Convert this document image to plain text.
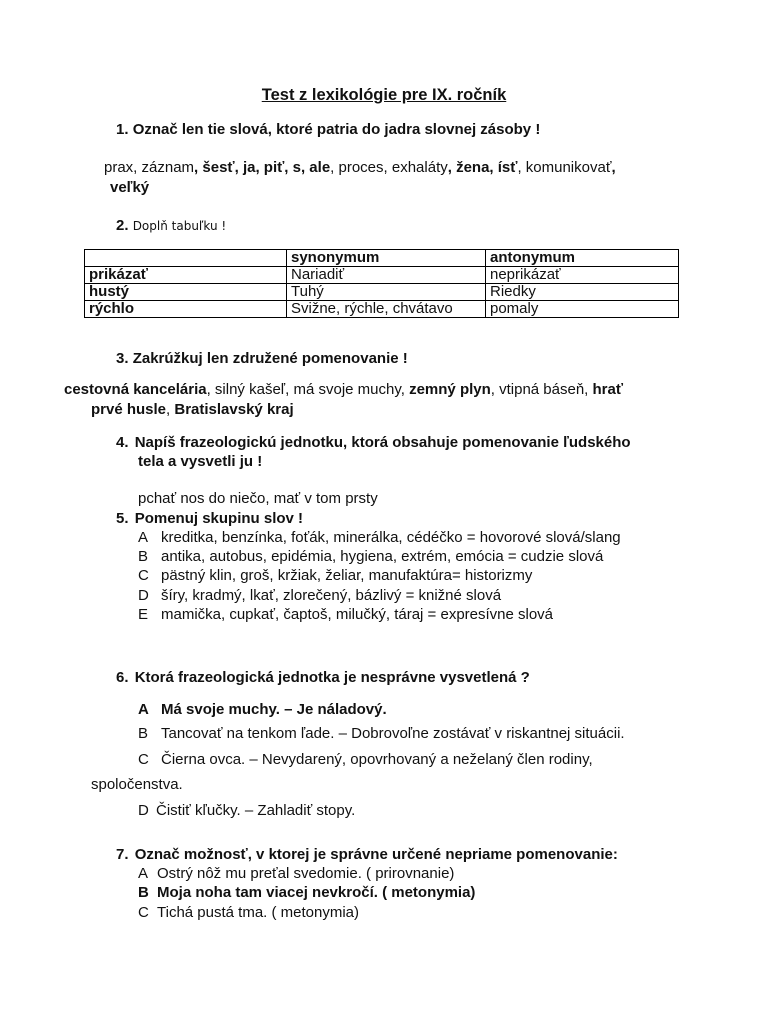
Test z lexikológie pre IX. ročník
1. Označ len tie slová, ktoré patria do jadra slovnej zásoby !
prax, záznam, šesť, ja, piť, s, ale, proces, exhaláty, žena, ísť, komunikovať,
veľký
2. Doplň tabuľku !
	synonymum	antonymum
prikázať	Nariadiť	neprikázať
hustý	Tuhý	Riedky
rýchlo	Svižne, rýchle, chvátavo	pomaly
3. Zakrúžkuj len združené pomenovanie !
cestovná kancelária, silný kašeľ, má svoje muchy, zemný plyn, vtipná báseň, hrať
prvé husle, Bratislavský kraj
4. Napíš frazeologickú jednotku, ktorá obsahuje pomenovanie ľudského
tela a vysvetli ju !
pchať nos do niečo, mať v tom prsty
5. Pomenuj skupinu slov !
A kreditka, benzínka, foťák, minerálka, cédéčko = hovorové slová/slang
B antika, autobus, epidémia, hygiena, extrém, emócia = cudzie slová
C pästný klin, groš, kržiak, želiar, manufaktúra= historizmy
D šíry, kradmý, lkať, zlorečený, bázlivý = knižné slová
E mamička, cupkať, čaptoš, milučký, táraj = expresívne slová
6. Ktorá frazeologická jednotka je nesprávne vysvetlená ?
A Má svoje muchy. – Je náladový.
B Tancovať na tenkom ľade. – Dobrovoľne zostávať v riskantnej situácii.
C Čierna ovca. – Nevydarený, opovrhovaný a neželaný člen rodiny,
spoločenstva.
D Čistiť kľučky. – Zahladiť stopy.
7. Označ možnosť, v ktorej je správne určené nepriame pomenovanie:
A Ostrý nôž mu preťal svedomie. ( prirovnanie)
B Moja noha tam viacej nevkročí. ( metonymia)
C Tichá pustá tma. ( metonymia)
